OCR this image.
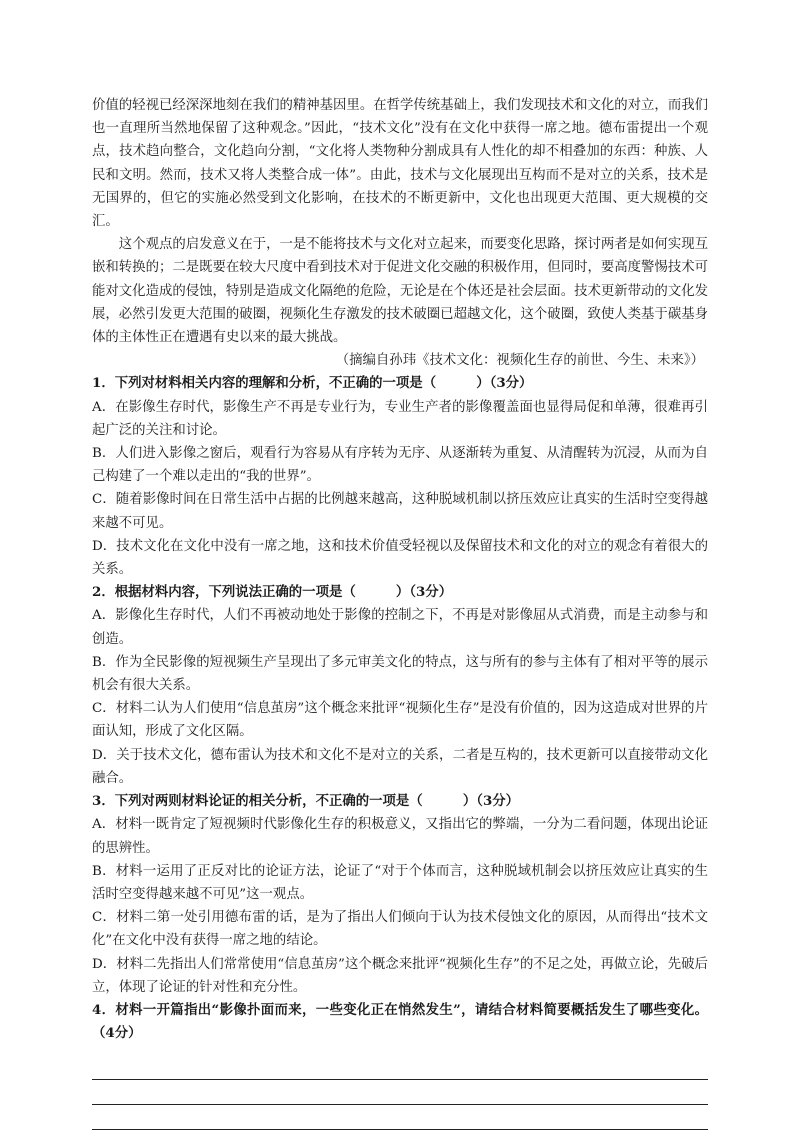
价值的轻视已经深深地刻在我们的精神基因里。在哲学传统基础上，我们发现技术和文化的对立，而我们也一直理所当然地保留了这种观念。”因此，“技术文化”没有在文化中获得一席之地。德布雷提出一个观点，技术趋向整合，文化趋向分割，“文化将人类物种分割成具有人性化的却不相叠加的东西：种族、人民和文明。然而，技术又将人类整合成一体”。由此，技术与文化展现出互构而不是对立的关系，技术是无国界的，但它的实施必然受到文化影响，在技术的不断更新中，文化也出现更大范围、更大规模的交汇。

这个观点的启发意义在于，一是不能将技术与文化对立起来，而要变化思路，探讨两者是如何实现互嵌和转换的；二是既要在较大尺度中看到技术对于促进文化交融的积极作用，但同时，要高度警惕技术可能对文化造成的侵蚀，特别是造成文化隔绝的危险，无论是在个体还是社会层面。技术更新带动的文化发展，必然引发更大范围的破圈，视频化生存激发的技术破圈已超越文化，这个破圈，致使人类基于碳基身体的主体性正在遭遇有史以来的最大挑战。

（摘编自孙玮《技术文化：视频化生存的前世、今生、未来》）

1．下列对材料相关内容的理解和分析，不正确的一项是（　　　）（3分）

A．在影像生存时代，影像生产不再是专业行为，专业生产者的影像覆盖面也显得局促和单薄，很难再引起广泛的关注和讨论。

B．人们进入影像之窗后，观看行为容易从有序转为无序、从逐渐转为重复、从清醒转为沉浸，从而为自己构建了一个难以走出的“我的世界”。

C．随着影像时间在日常生活中占据的比例越来越高，这种脱域机制以挤压效应让真实的生活时空变得越来越不可见。

D．技术文化在文化中没有一席之地，这和技术价值受轻视以及保留技术和文化的对立的观念有着很大的关系。

2．根据材料内容，下列说法正确的一项是（　　　）（3分）

A．影像化生存时代，人们不再被动地处于影像的控制之下，不再是对影像屈从式消费，而是主动参与和创造。

B．作为全民影像的短视频生产呈现出了多元审美文化的特点，这与所有的参与主体有了相对平等的展示机会有很大关系。

C．材料二认为人们使用“信息茧房”这个概念来批评“视频化生存”是没有价值的，因为这造成对世界的片面认知，形成了文化区隔。

D．关于技术文化，德布雷认为技术和文化不是对立的关系，二者是互构的，技术更新可以直接带动文化融合。

3．下列对两则材料论证的相关分析，不正确的一项是（　　　）（3分）

A．材料一既肯定了短视频时代影像化生存的积极意义，又指出它的弊端，一分为二看问题，体现出论证的思辨性。

B．材料一运用了正反对比的论证方法，论证了“对于个体而言，这种脱域机制会以挤压效应让真实的生活时空变得越来越不可见”这一观点。

C．材料二第一处引用德布雷的话，是为了指出人们倾向于认为技术侵蚀文化的原因，从而得出“技术文化”在文化中没有获得一席之地的结论。

D．材料二先指出人们常常使用“信息茧房”这个概念来批评“视频化生存”的不足之处，再做立论，先破后立，体现了论证的针对性和充分性。

4．材料一开篇指出“影像扑面而来，一些变化正在悄然发生”，请结合材料简要概括发生了哪些变化。（4分）
